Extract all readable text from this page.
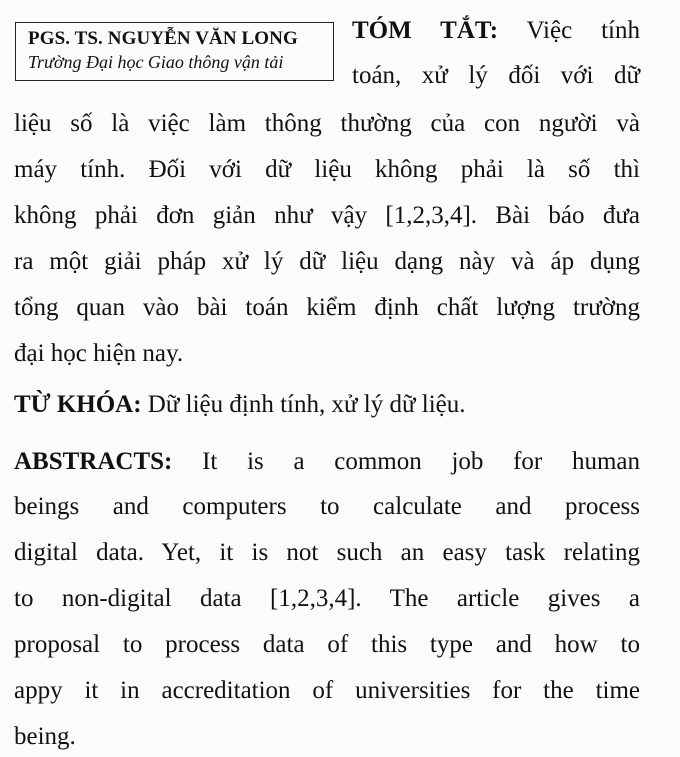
PGS. TS. NGUYỄN VĂN LONG
Trường Đại học Giao thông vận tải
TÓM TẮT: Việc tính
toán, xử lý đối với dữ
liệu số là việc làm thông thường của con người và
máy tính. Đối với dữ liệu không phải là số thì
không phải đơn giản như vậy [1,2,3,4]. Bài báo đưa
ra một giải pháp xử lý dữ liệu dạng này và áp dụng
tổng quan vào bài toán kiểm định chất lượng trường
đại học hiện nay.
TỪ KHÓA: Dữ liệu định tính, xử lý dữ liệu.
ABSTRACTS: It is a common job for human
beings and computers to calculate and process
digital data. Yet, it is not such an easy task relating
to non-digital data [1,2,3,4]. The article gives a
proposal to process data of this type and how to
appy it in accreditation of universities for the time
being.
